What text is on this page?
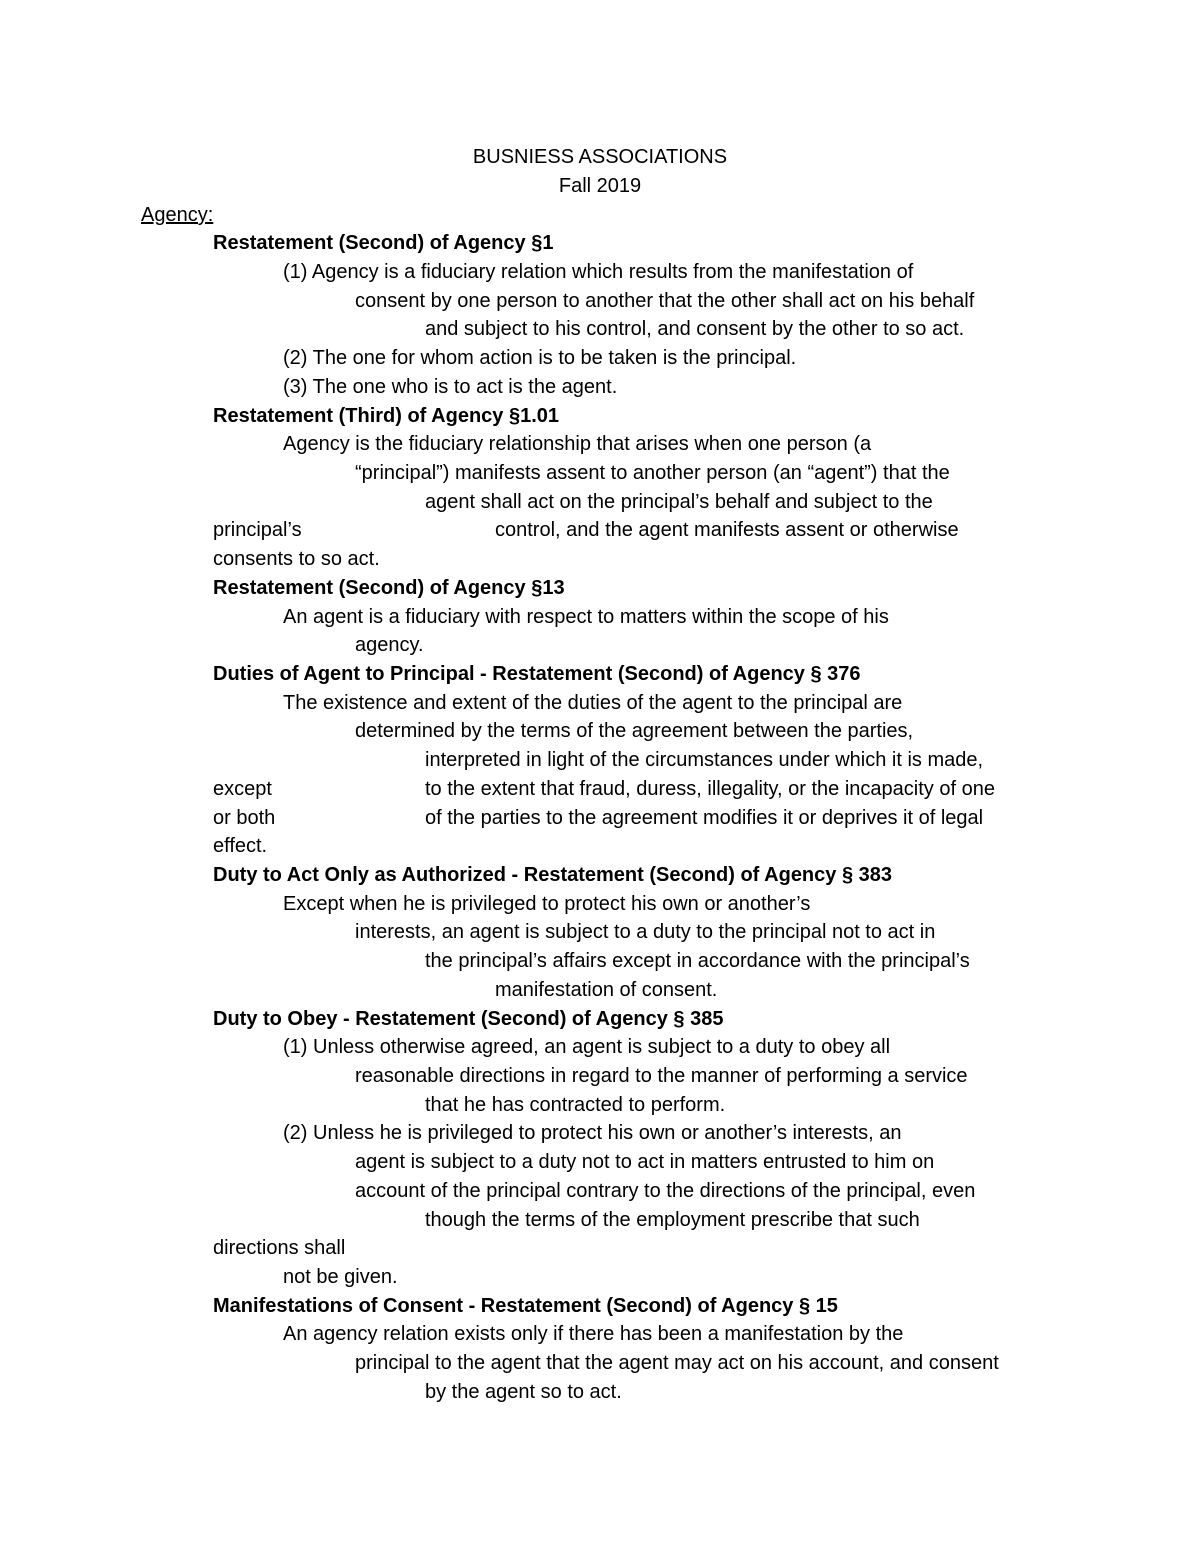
BUSNIESS ASSOCIATIONS
Fall 2019
Agency:
Restatement (Second) of Agency §1
(1) Agency is a fiduciary relation which results from the manifestation of
consent by one person to another that the other shall act on his behalf
and subject to his control, and consent by the other to so act.
(2) The one for whom action is to be taken is the principal.
(3) The one who is to act is the agent.
Restatement (Third) of Agency §1.01
Agency is the fiduciary relationship that arises when one person (a
“principal”) manifests assent to another person (an “agent”) that the
agent shall act on the principal’s behalf and subject to the
principal’s	control, and the agent manifests assent or otherwise
consents to so act.
Restatement (Second) of Agency §13
An agent is a fiduciary with respect to matters within the scope of his
agency.
Duties of Agent to Principal - Restatement (Second) of Agency § 376
The existence and extent of the duties of the agent to the principal are
determined by the terms of the agreement between the parties,
interpreted in light of the circumstances under which it is made,
except	to the extent that fraud, duress, illegality, or the incapacity of one
or both	of the parties to the agreement modifies it or deprives it of legal
effect.
Duty to Act Only as Authorized - Restatement (Second) of Agency § 383
Except when he is privileged to protect his own or another’s
interests, an agent is subject to a duty to the principal not to act in
the principal’s affairs except in accordance with the principal’s
manifestation of consent.
Duty to Obey - Restatement (Second) of Agency § 385
(1) Unless otherwise agreed, an agent is subject to a duty to obey all
reasonable directions in regard to the manner of performing a service
that he has contracted to perform.
(2) Unless he is privileged to protect his own or another’s interests, an
agent is subject to a duty not to act in matters entrusted to him on
account of the principal contrary to the directions of the principal, even
though the terms of the employment prescribe that such
directions shall
not be given.
Manifestations of Consent - Restatement (Second) of Agency § 15
An agency relation exists only if there has been a manifestation by the
principal to the agent that the agent may act on his account, and consent
by the agent so to act.
